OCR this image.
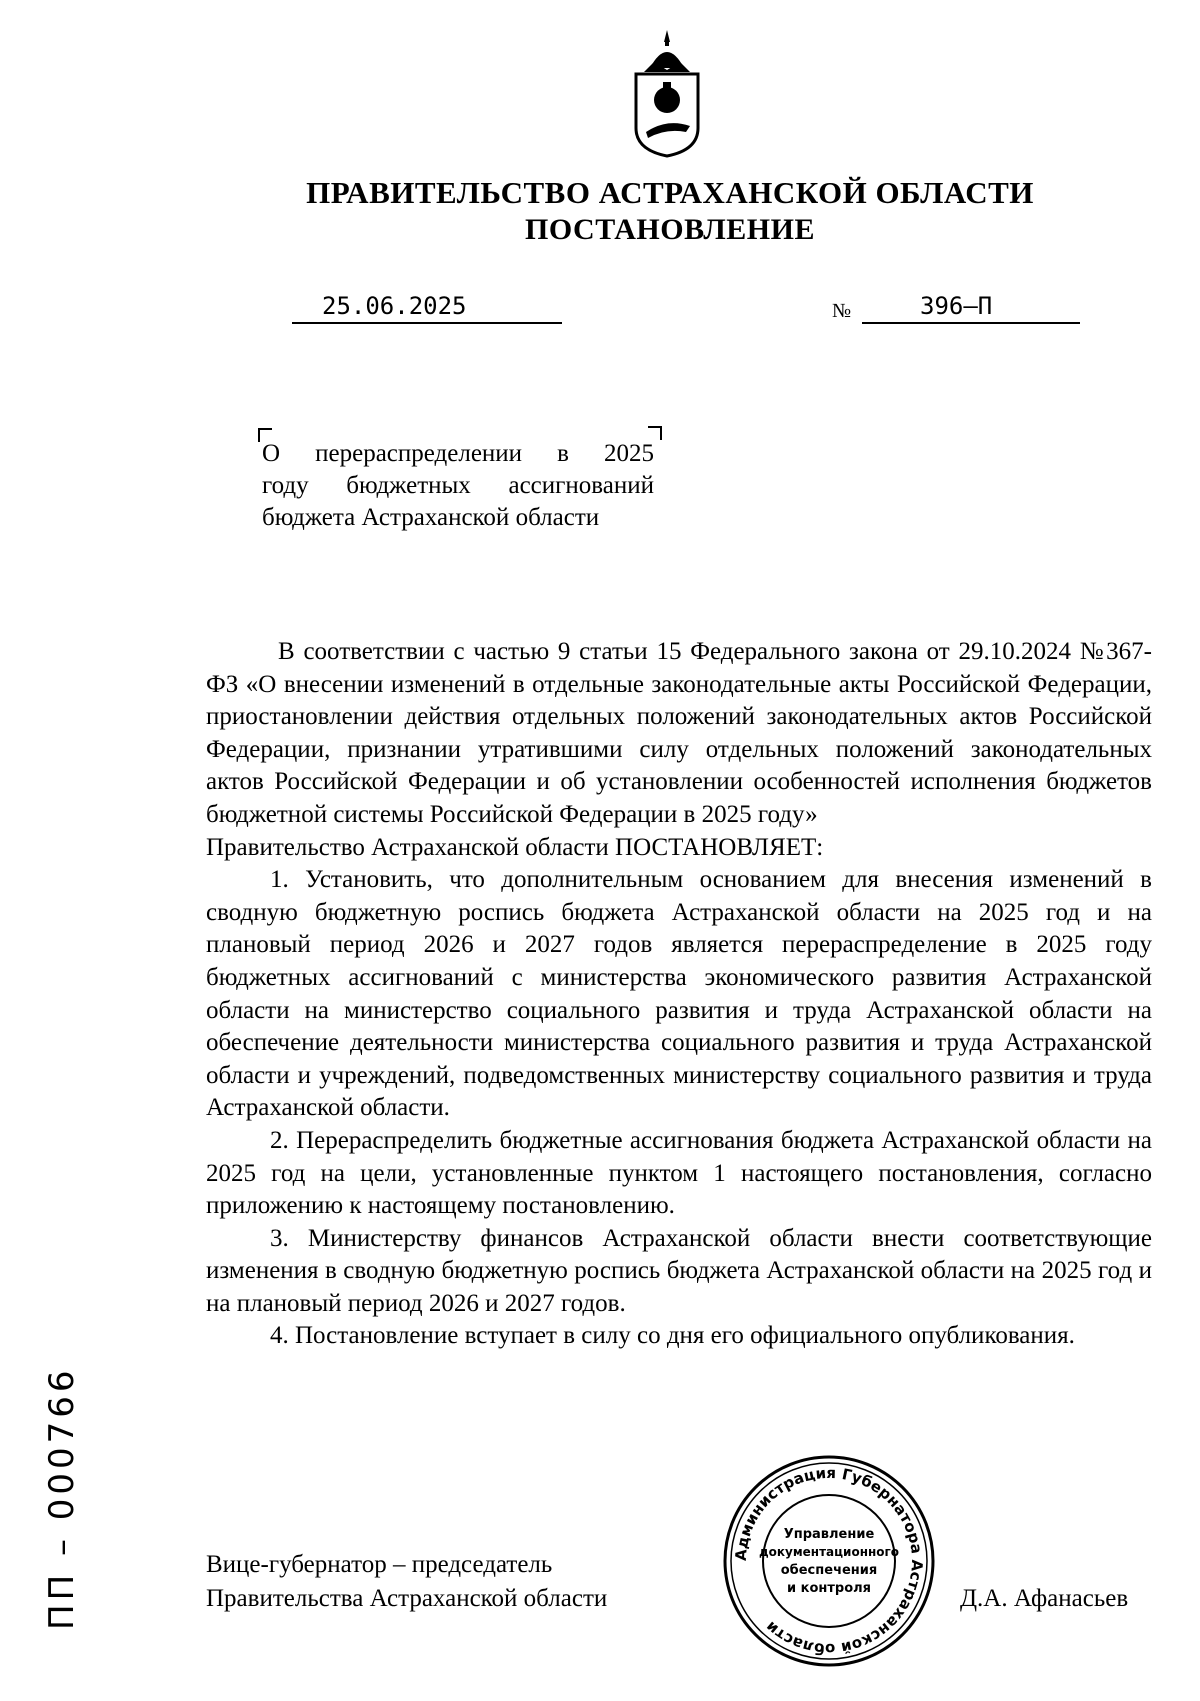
ПРАВИТЕЛЬСТВО АСТРАХАНСКОЙ ОБЛАСТИ
ПОСТАНОВЛЕНИЕ
25.06.2025	№	396–П
О перераспределении в 2025
году бюджетных ассигнований
бюджета Астраханской области

В соответствии с частью 9 статьи 15 Федерального закона от 29.10.2024 №367-ФЗ «О внесении изменений в отдельные законодательные акты Российской Федерации, приостановлении действия отдельных положений законодательных актов Российской Федерации, признании утратившими силу отдельных положений законодательных актов Российской Федерации и об установлении особенностей исполнения бюджетов бюджетной системы Российской Федерации в 2025 году»

Правительство Астраханской области ПОСТАНОВЛЯЕТ:

1. Установить, что дополнительным основанием для внесения изменений в сводную бюджетную роспись бюджета Астраханской области на 2025 год и на плановый период 2026 и 2027 годов является перераспределение в 2025 году бюджетных ассигнований с министерства экономического развития Астраханской области на министерство социального развития и труда Астраханской области на обеспечение деятельности министерства социального развития и труда Астраханской области и учреждений, подведомственных министерству социального развития и труда Астраханской области.

2. Перераспределить бюджетные ассигнования бюджета Астраханской области на 2025 год на цели, установленные пунктом 1 настоящего постановления, согласно приложению к настоящему постановлению.

3. Министерству финансов Астраханской области внести соответствующие изменения в сводную бюджетную роспись бюджета Астраханской области на 2025 год и на плановый период 2026 и 2027 годов.

4. Постановление вступает в силу со дня его официального опубликования.

Вице-губернатор – председатель
Правительства Астраханской области	Д.А. Афанасьев
Администрация Губернатора Астраханской области
Управление
документационного
обеспечения
и контроля
ПП – 000766
